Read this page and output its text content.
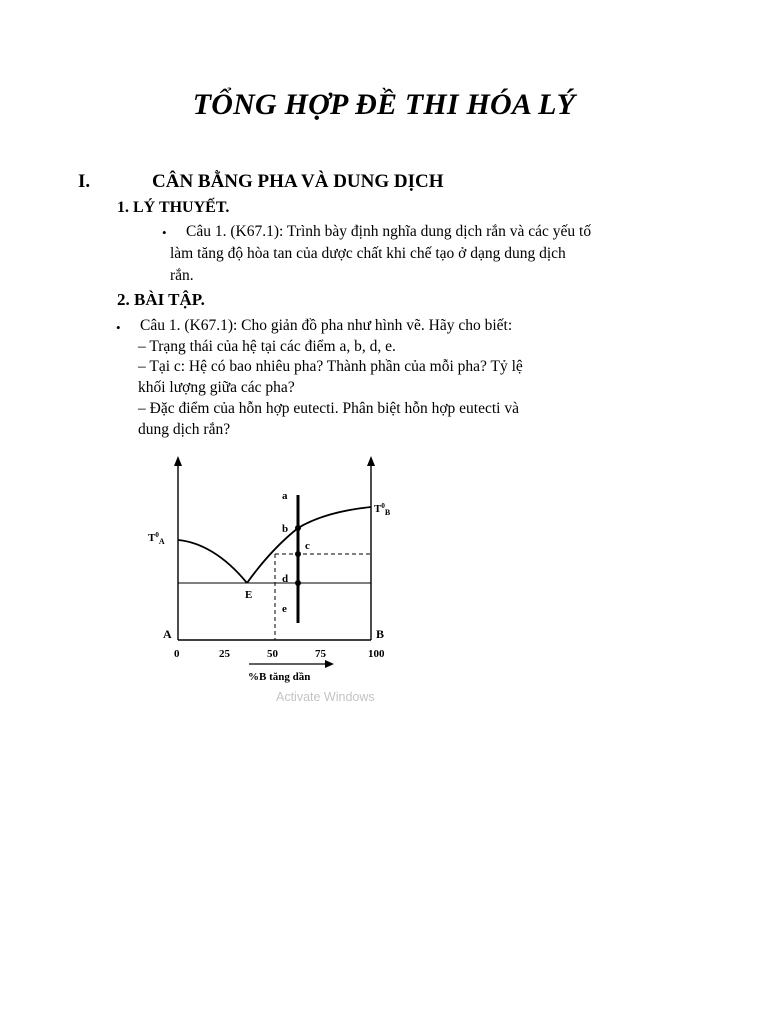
TỔNG HỢP ĐỀ THI HÓA LÝ
I.	CÂN BẰNG PHA VÀ DUNG DỊCH
1. LÝ THUYẾT.
• Câu 1. (K67.1): Trình bày định nghĩa dung dịch rắn và các yếu tố
làm tăng độ hòa tan của dược chất khi chế tạo ở dạng dung dịch
rắn.
2. BÀI TẬP.
• Câu 1. (K67.1): Cho giản đồ pha như hình vẽ. Hãy cho biết:
– Trạng thái của hệ tại các điểm a, b, d, e.
– Tại c: Hệ có bao nhiêu pha? Thành phần của mỗi pha? Tỷ lệ
khối lượng giữa các pha?
– Đặc điểm của hỗn hợp eutecti. Phân biệt hỗn hợp eutecti và
dung dịch rắn?
a
b
c
d
e
E
$T^0_A$
$T^0_B$
A	B
0	25	50	75	100
%B tăng dần
Activate Windows
